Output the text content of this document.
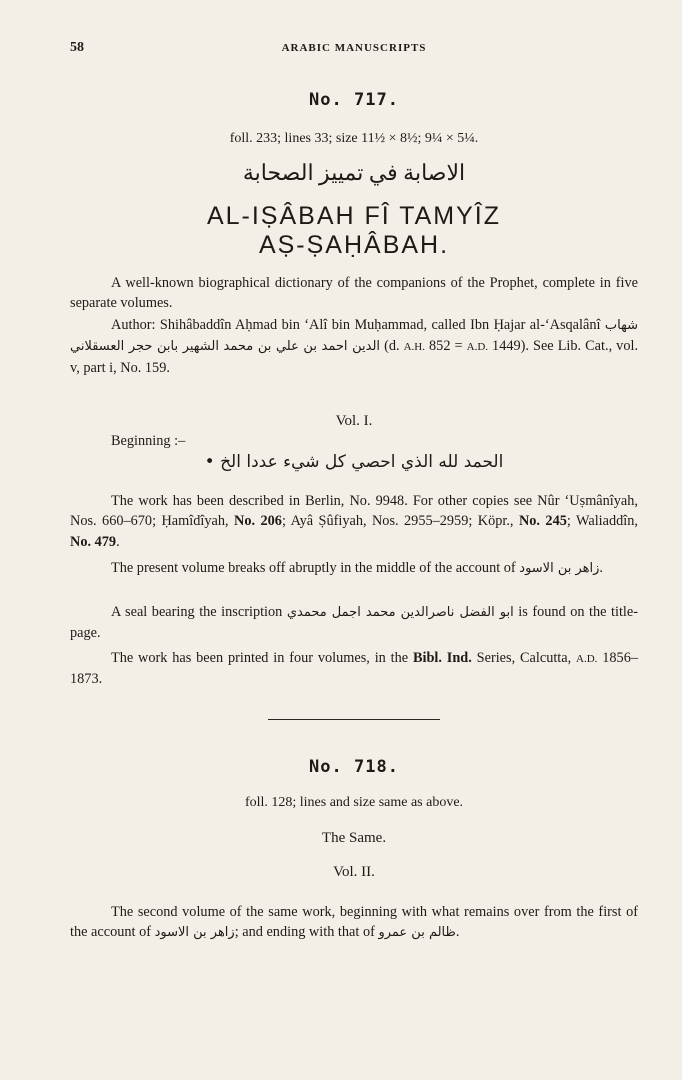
58	ARABIC MANUSCRIPTS
No. 717.
foll. 233; lines 33; size 11½ × 8½; 9¼ × 5¼.
الاصابة في تمييز الصحابة
AL-IṢÂBAH FÎ TAMYÎZ
AṢ-ṢAḤÂBAH.
A well-known biographical dictionary of the companions of the Prophet, complete in five separate volumes.
Author: Shihâbaddîn Aḥmad bin ‘Alî bin Muḥammad, called Ibn Ḥajar al-‘Asqalânî شهاب الدين احمد بن علي بن محمد الشهير بابن حجر العسقلاني (d. A.H. 852 = A.D. 1449). See Lib. Cat., vol. v, part i, No. 159.
Vol. I.
Beginning :–
الحمد لله الذي احصي كل شيء عددا الخ •
The work has been described in Berlin, No. 9948. For other copies see Nûr ‘Uṣmânîyah, Nos. 660–670; Ḥamîdîyah, No. 206; Ayâ Ṣûfiyah, Nos. 2955–2959; Köpr., No. 245; Waliaddîn, No. 479.
The present volume breaks off abruptly in the middle of the account of زاهر بن الاسود.
A seal bearing the inscription ابو الفضل ناصرالدين محمد اجمل محمدي is found on the title-page.
The work has been printed in four volumes, in the Bibl. Ind. Series, Calcutta, A.D. 1856–1873.
No. 718.
foll. 128; lines and size same as above.
The Same.
Vol. II.
The second volume of the same work, beginning with what remains over from the first of the account of زاهر بن الاسود; and ending with that of ظالم بن عمرو.
